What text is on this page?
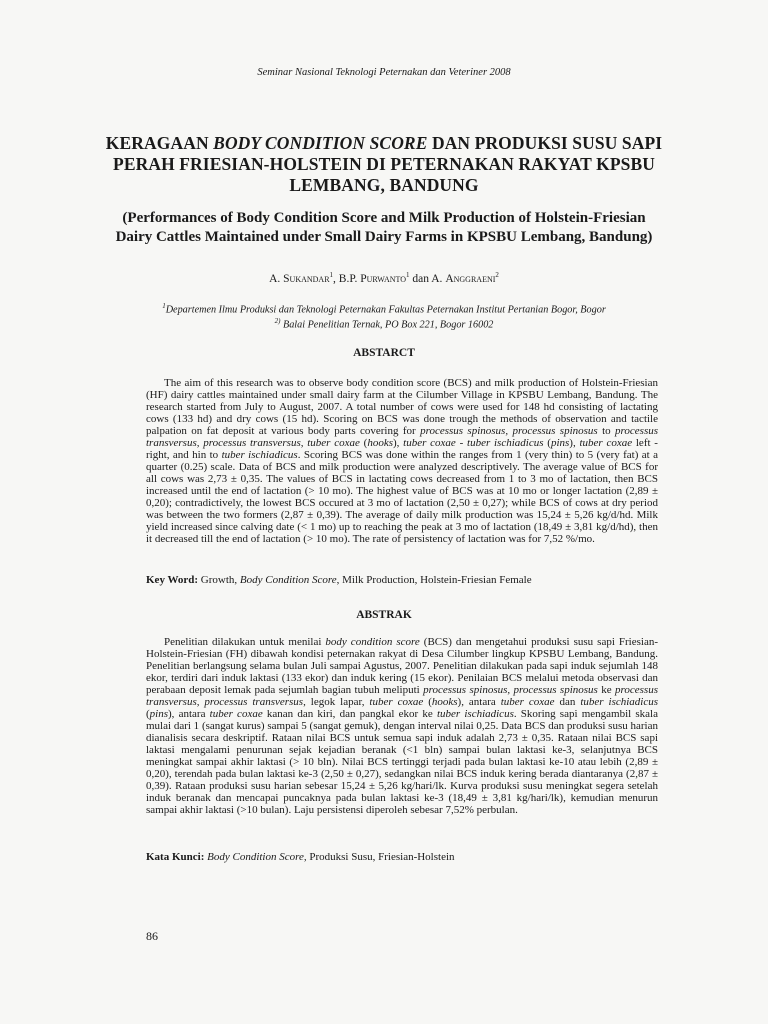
Seminar Nasional Teknologi Peternakan dan Veteriner 2008
KERAGAAN BODY CONDITION SCORE DAN PRODUKSI SUSU SAPI PERAH FRIESIAN-HOLSTEIN DI PETERNAKAN RAKYAT KPSBU LEMBANG, BANDUNG
(Performances of Body Condition Score and Milk Production of Holstein-Friesian Dairy Cattles Maintained under Small Dairy Farms in KPSBU Lembang, Bandung)
A. Sukandar$^1$, B.P. Purwanto$^1$ dan A. Anggraeni$^2$
$^1$Departemen Ilmu Produksi dan Teknologi Peternakan Fakultas Peternakan Institut Pertanian Bogor, Bogor
$^{2)}$ Balai Penelitian Ternak, PO Box 221, Bogor 16002
ABSTARCT

The aim of this research was to observe body condition score (BCS) and milk production of Holstein-Friesian (HF) dairy cattles maintained under small dairy farm at the Cilumber Village in KPSBU Lembang, Bandung. The research started from July to August, 2007. A total number of cows were used for 148 hd consisting of lactating cows (133 hd) and dry cows (15 hd). Scoring on BCS was done trough the methods of observation and tactile palpation on fat deposit at various body parts covering for processus spinosus, processus spinosus to processus transversus, processus transversus, tuber coxae (hooks), tuber coxae - tuber ischiadicus (pins), tuber coxae left - right, and hin to tuber ischiadicus. Scoring BCS was done within the ranges from 1 (very thin) to 5 (very fat) at a quarter (0.25) scale. Data of BCS and milk production were analyzed descriptively. The average value of BCS for all cows was 2,73 ± 0,35. The values of BCS in lactating cows decreased from 1 to 3 mo of lactation, then BCS increased until the end of lactation (> 10 mo). The highest value of BCS was at 10 mo or longer lactation (2,89 ± 0,20); contradictively, the lowest BCS occured at 3 mo of lactation (2,50 ± 0,27); while BCS of cows at dry period was between the two formers (2,87 ± 0,39). The average of daily milk production was 15,24 ± 5,26 kg/d/hd. Milk yield increased since calving date (< 1 mo) up to reaching the peak at 3 mo of lactation (18,49 ± 3,81 kg/d/hd), then it decreased till the end of lactation (> 10 mo). The rate of persistency of lactation was for 7,52 %/mo.

Key Word: Growth, Body Condition Score, Milk Production, Holstein-Friesian Female
ABSTRAK

Penelitian dilakukan untuk menilai body condition score (BCS) dan mengetahui produksi susu sapi Friesian-Holstein-Friesian (FH) dibawah kondisi peternakan rakyat di Desa Cilumber lingkup KPSBU Lembang, Bandung. Penelitian berlangsung selama bulan Juli sampai Agustus, 2007. Penelitian dilakukan pada sapi induk sejumlah 148 ekor, terdiri dari induk laktasi (133 ekor) dan induk kering (15 ekor). Penilaian BCS melalui metoda observasi dan perabaan deposit lemak pada sejumlah bagian tubuh meliputi processus spinosus, processus spinosus ke processus transversus, processus transversus, legok lapar, tuber coxae (hooks), antara tuber coxae dan tuber ischiadicus (pins), antara tuber coxae kanan dan kiri, dan pangkal ekor ke tuber ischiadicus. Skoring sapi mengambil skala mulai dari 1 (sangat kurus) sampai 5 (sangat gemuk), dengan interval nilai 0,25. Data BCS dan produksi susu harian dianalisis secara deskriptif. Rataan nilai BCS untuk semua sapi induk adalah 2,73 ± 0,35. Rataan nilai BCS sapi laktasi mengalami penurunan sejak kejadian beranak (<1 bln) sampai bulan laktasi ke-3, selanjutnya BCS meningkat sampai akhir laktasi (> 10 bln). Nilai BCS tertinggi terjadi pada bulan laktasi ke-10 atau lebih (2,89 ± 0,20), terendah pada bulan laktasi ke-3 (2,50 ± 0,27), sedangkan nilai BCS induk kering berada diantaranya (2,87 ± 0,39). Rataan produksi susu harian sebesar 15,24 ± 5,26 kg/hari/lk. Kurva produksi susu meningkat segera setelah induk beranak dan mencapai puncaknya pada bulan laktasi ke-3 (18,49 ± 3,81 kg/hari/lk), kemudian menurun sampai akhir laktasi (>10 bulan). Laju persistensi diperoleh sebesar 7,52% perbulan.

Kata Kunci: Body Condition Score, Produksi Susu, Friesian-Holstein
86
